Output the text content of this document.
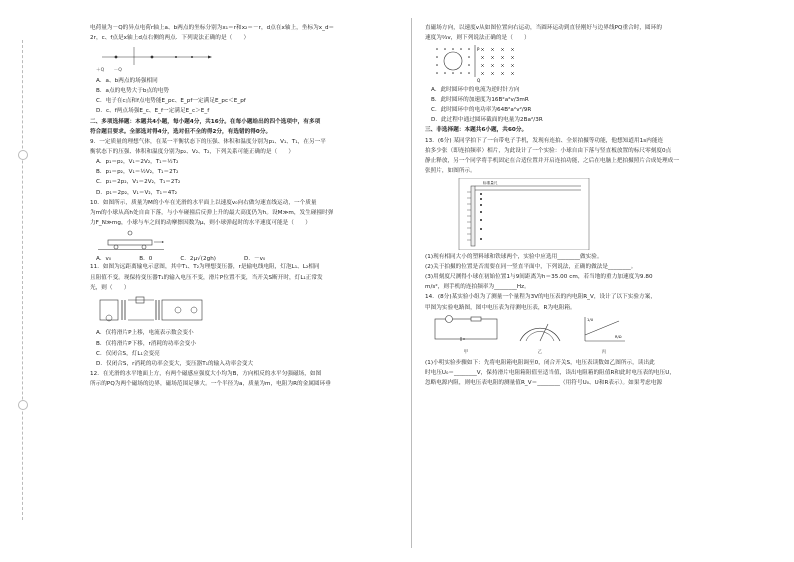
电荷量为－Q的异点电荷r轴上a、b两点的坐标分别为x₁＝r和x₂＝－r，d点在x轴上，坐标为x_d＝

2r，c、f点是x轴上d点右侧的两点．下列说法正确的是（　　）

＋Q　　－Q

A．a、b两点的场强相同

B．a点的电势大于b点的电势

C．电子在c点和f点电势能E_pc、E_pf一定满足E_pc＜E_pf

D．c、f两点场强E_c、E_f一定满足E_c＞E_f

二、多项选择题：本题共4小题，每小题4分，共16分。在每小题给出的四个选项中，有多项

符合题目要求。全部选对得4分，选对但不全的得2分，有选错的得0分。

9．一定质量的理想气体，在某一平衡状态下的压强、体积和温度分别为p₁、V₁、T₁，在另一平

衡状态下的压强、体积和温度分别为p₂、V₂、T₂，下列关系可能正确的是（　　）

A．p₁＝p₂，V₁＝2V₂，T₁＝½T₂

B．p₁＝p₂，V₁＝½V₂，T₁＝2T₂

C．p₁＝2p₂，V₁＝2V₂，T₁＝2T₂

D．p₁＝2p₂，V₁＝V₂，T₁＝4T₂

10．如图所示，质量为M的小车在光滑的水平面上以速度v₀向右做匀速直线运动，一个质量

为m的小球从高h处自由下落，与小车碰撞后反弹上升的最大高度仍为h。设M≫m，发生碰撞时弹

力F_N≫mg，小球与车之间的动摩擦因数为μ，则小球弹起时的水平速度可能是（　　）

A．v₀	B．0	C．2μ√(2gh)	D．－v₀

11．如图为远距离输电示意图，其中T₁、T₂为理想变压器，r是输电线电阻，灯泡L₁、L₂相同

且阻值不变。现保持变压器T₁的输入电压不变，滑片P位置不变，当开关S断开时，灯L₁正常发

光，则（　　）

A．仅将滑片P上移，电流表示数会变小

B．仅将滑片P下移，r消耗的功率会变小

C．仅闭合S，灯L₁会变亮

D．仅闭合S，r消耗的功率会变大，变压器T₁的输入功率会变大

12．在光滑的水平地面上方，有两个磁感应强度大小均为B，方向相反的水平匀强磁场，如图

所示的PQ为两个磁场的边界，磁场范围足够大。一个半径为a，质量为m，电阻为R的金属圆环垂

直磁场方向，以速度v从如图位置向右运动，当圆环运动到直径刚好与边界线PQ重合时，圆环的

速度为⅔v，则下列说法正确的是（　　）

P
Q

A．此时圆环中的电流为逆时针方向

B．此时圆环的加速度为16B²a²v/3mR

C．此时圆环中的电功率为64B²a²v²/9R

D．此过程中通过圆环截面的电量为2Ba²/3R

三、非选择题：本题共6小题，共60分。

13．(6分) 某同学拍下了一台带电子手机，发现有连拍、全景拍摄等功能，他想知道用1s内能连

拍多少张（即连拍频率）相片，为此设计了一个实验：小球自由下落与竖直板放置的标尺零刻度0点

静止释放，另一个同学将手机固定在合适位置并开启连拍功能，之后在电脑上把拍摄照片合成处理成一

张照片，如图所示。

标准量尺

(1)现有相同大小的塑料球和铁球两个，实验中应选用________做实验。

(2)关于拍摄的位置是否需要在同一竖直平面中，下列说法，正确的做法是________。

(3)用刻度尺测得小球在初始位置1与9间距离为h＝35.00 cm，若当地的重力加速度为9.80

m/s²，则手机的连拍频率为________Hz。

14．(8分)某实验小组为了测量一个量程为3V的电压表的内电阻R_V，设计了以下实验方案，

甲图为实验电路图，图中电压表为待测电压表，R为电阻箱。

甲	乙
1/U
R/Ω
丙

(1)小明实验步骤如下：先将电阻箱电阻调至0，闭合开关S，电压表读数如乙图所示，读出此

时电压U₀＝________V，保持滑片电阻箱阻值至适当值，读出电阻箱的阻值R和此时电压表的电压U，

忽略电源内阻，则电压表电阻的测量值R_V＝________（用符号U₀、U和R表示）。如果考虑电源
